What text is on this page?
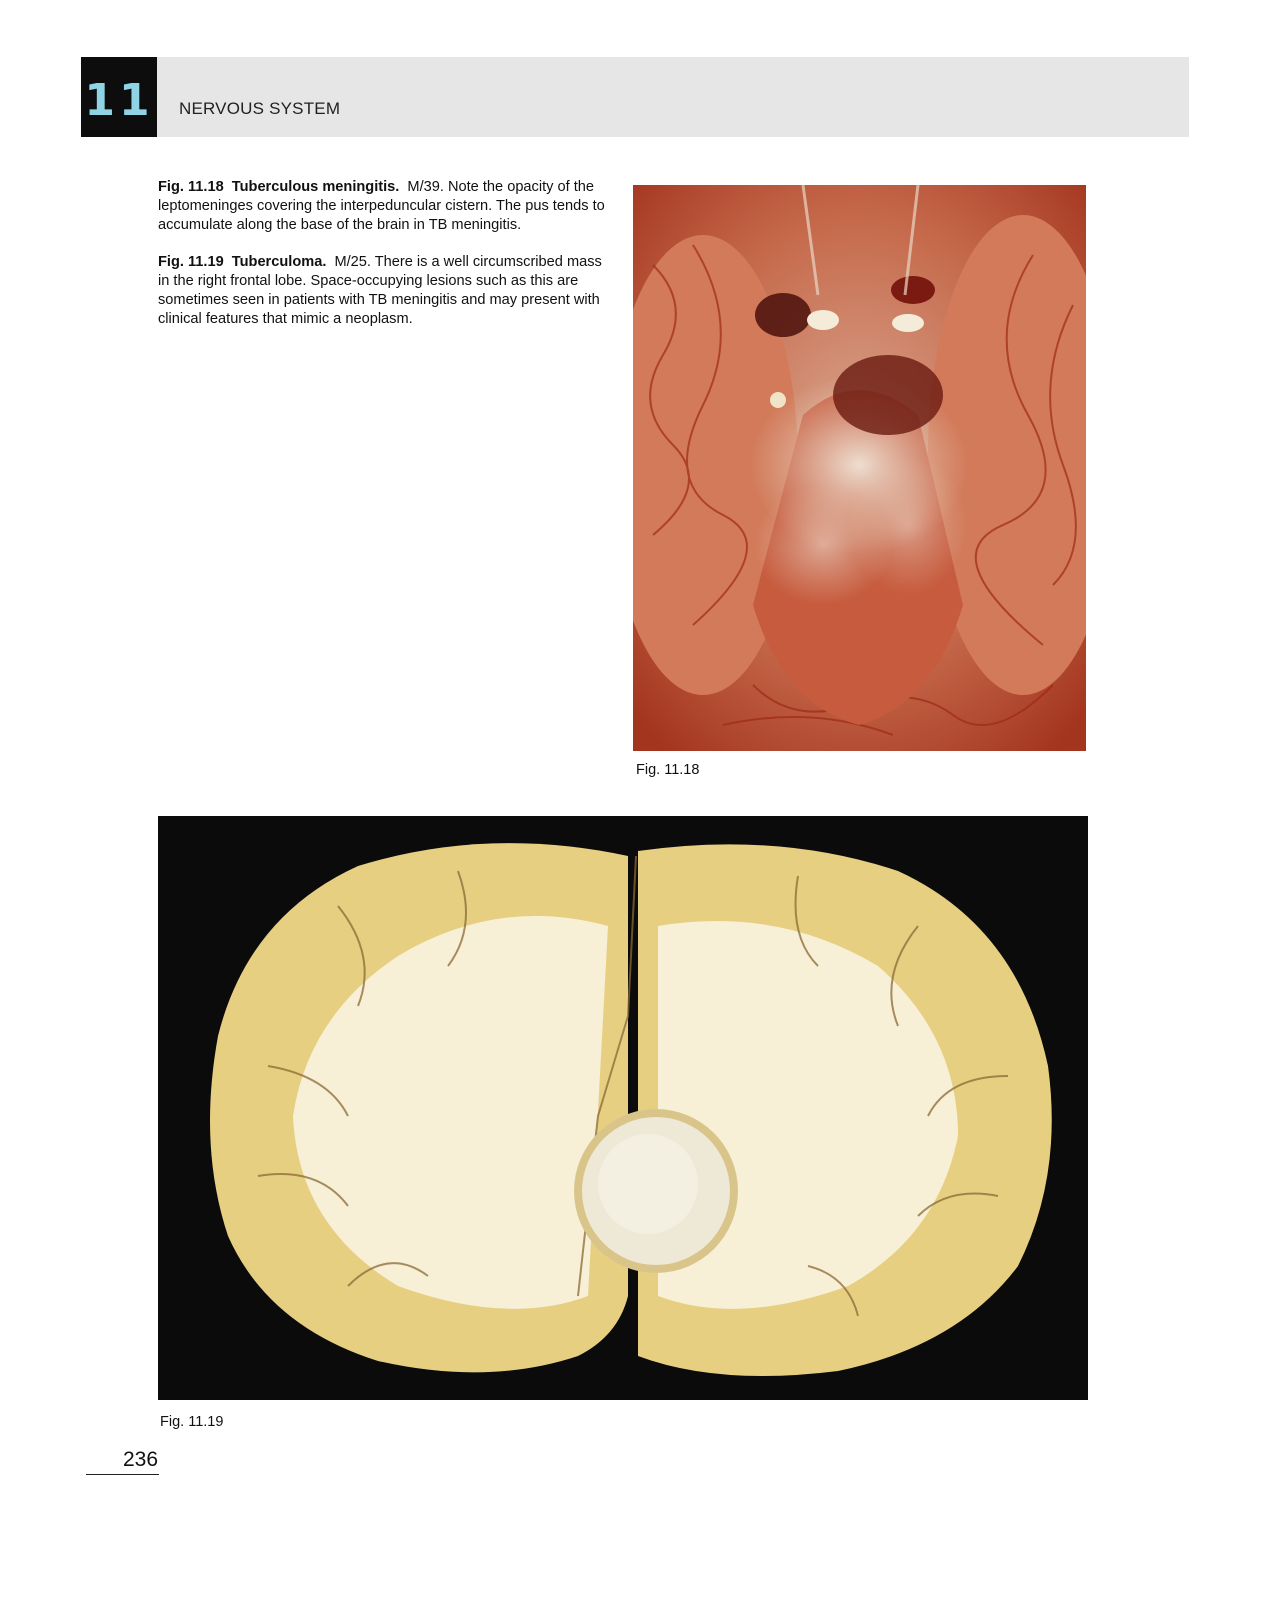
11 NERVOUS SYSTEM

Fig. 11.18 Tuberculous meningitis. M/39. Note the opacity of the leptomeninges covering the interpeduncular cistern. The pus tends to accumulate along the base of the brain in TB meningitis.

Fig. 11.19 Tuberculoma. M/25. There is a well circumscribed mass in the right frontal lobe. Space-occupying lesions such as this are sometimes seen in patients with TB meningitis and may present with clinical features that mimic a neoplasm.

Fig. 11.18
Fig. 11.19
236
